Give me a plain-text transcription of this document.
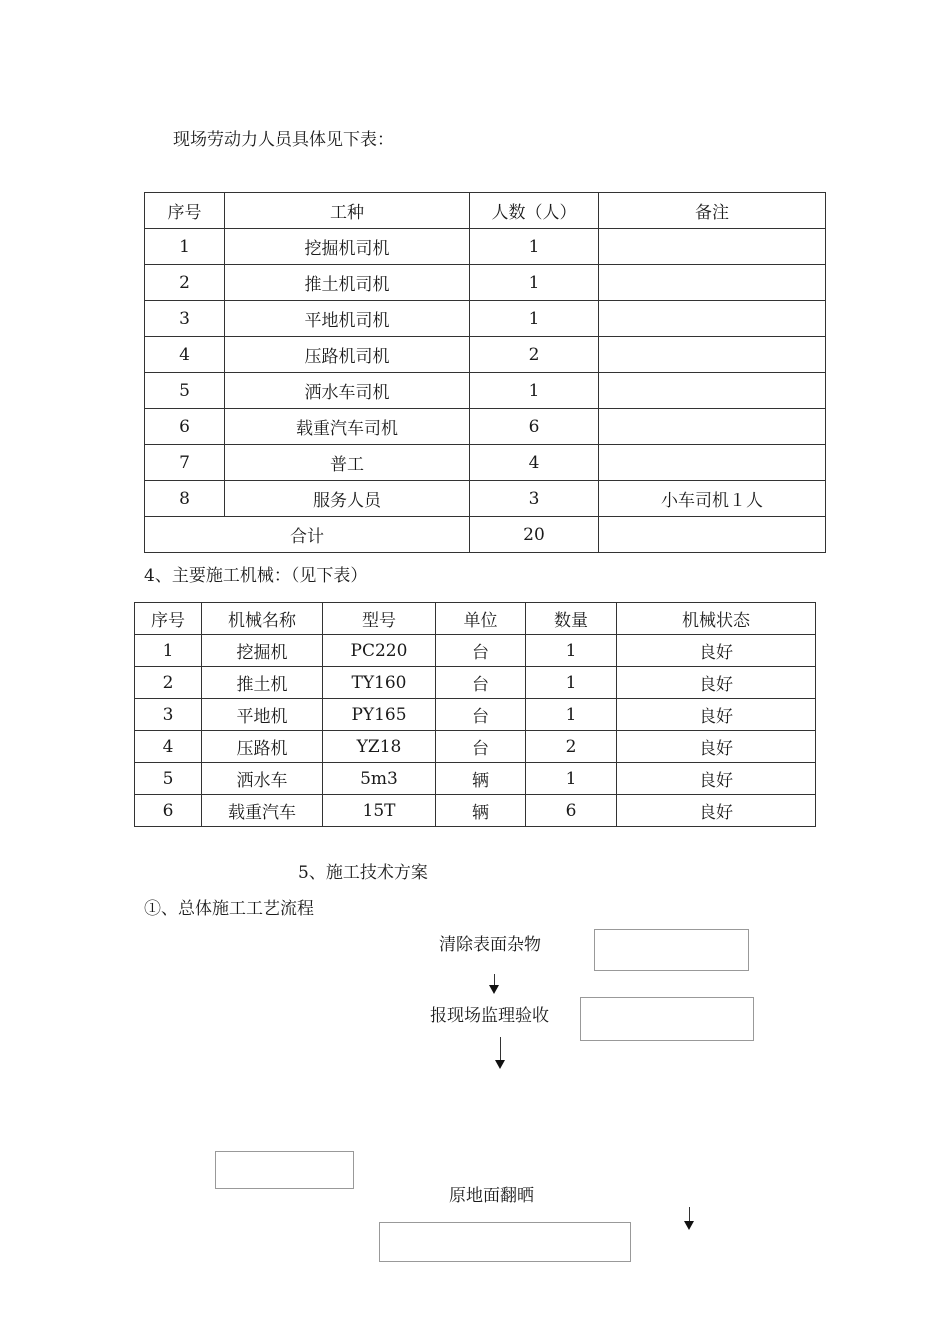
现场劳动力人员具体见下表：
序号	工种	人数（人）	备注
1	挖掘机司机	1	
2	推土机司机	1	
3	平地机司机	1	
4	压路机司机	2	
5	洒水车司机	1	
6	载重汽车司机	6	
7	普工	4	
8	服务人员	3	小车司机１人
合计		20	
4、主要施工机械：（见下表）
序号	机械名称	型号	单位	数量	机械状态
1	挖掘机	PC220	台	1	良好
2	推土机	TY160	台	1	良好
3	平地机	PY165	台	1	良好
4	压路机	YZ18	台	2	良好
5	洒水车	5m3	辆	1	良好
6	载重汽车	15T	辆	6	良好
5、施工技术方案
①、总体施工工艺流程
清除表面杂物
报现场监理验收
原地面翻晒
